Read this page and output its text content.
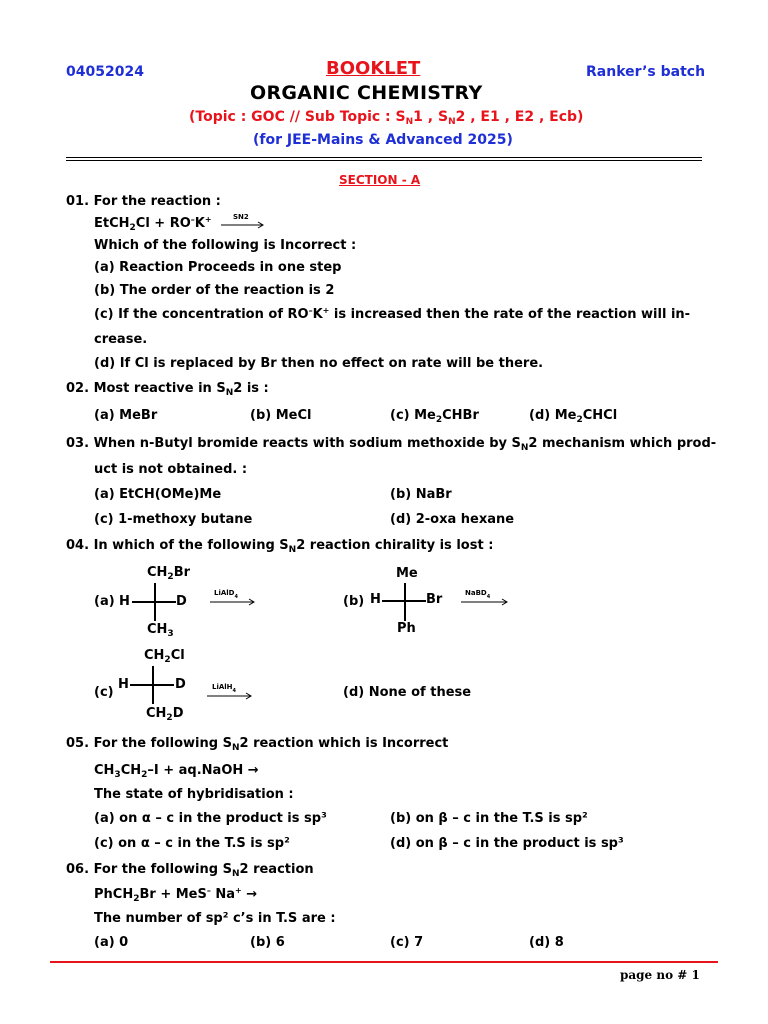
04052024	BOOKLET	Ranker’s batch
ORGANIC CHEMISTRY
(Topic : GOC // Sub Topic : $S_N1$ , $S_N2$ , E1 , E2 , Ecb)
(for JEE-Mains & Advanced 2025)
SECTION - A
01. For the reaction :
EtCH$_2$Cl + RO–K+	SN2
Which of the following is Incorrect :
(a) Reaction Proceeds in one step
(b) The order of the reaction is 2
(c) If the concentration of RO–K+ is increased then the rate of the reaction will in-
crease.
(d) If Cl is replaced by Br then no effect on rate will be there.
02. Most reactive in $S_N2$ is :
(a) MeBr	(b) MeCl	(c) $Me_2CHBr$	(d) $Me_2CHCl$
03. When n-Butyl bromide reacts with sodium methoxide by $S_N2$ mechanism which prod-
uct is not obtained. :
(a) EtCH(OMe)Me	(b) NaBr
(c) 1-methoxy butane	(d) 2-oxa hexane
04. In which of the following $S_N2$ reaction chirality is lost :
(a)
$CH_2Br$
H	D
$CH_3$
LiAlD$_4$	(b)
Me
H	Br
Ph
NaBD$_4$
(c)
$CH_2Cl$
H	D
$CH_2D$
LiAlH$_4$	(d) None of these
05. For the following $S_N2$ reaction which is Incorrect
$CH_3CH_2-I$ + aq.NaOH →
The state of hybridisation :
(a) on α – c in the product is sp³	(b) on β – c in the T.S is sp²
(c) on α – c in the T.S is sp²	(d) on β – c in the product is sp³
06. For the following $S_N2$ reaction
PhCH$_2$Br + MeS– Na+ →
The number of sp² c’s in T.S are :
(a) 0	(b) 6	(c) 7	(d) 8
page no # 1
